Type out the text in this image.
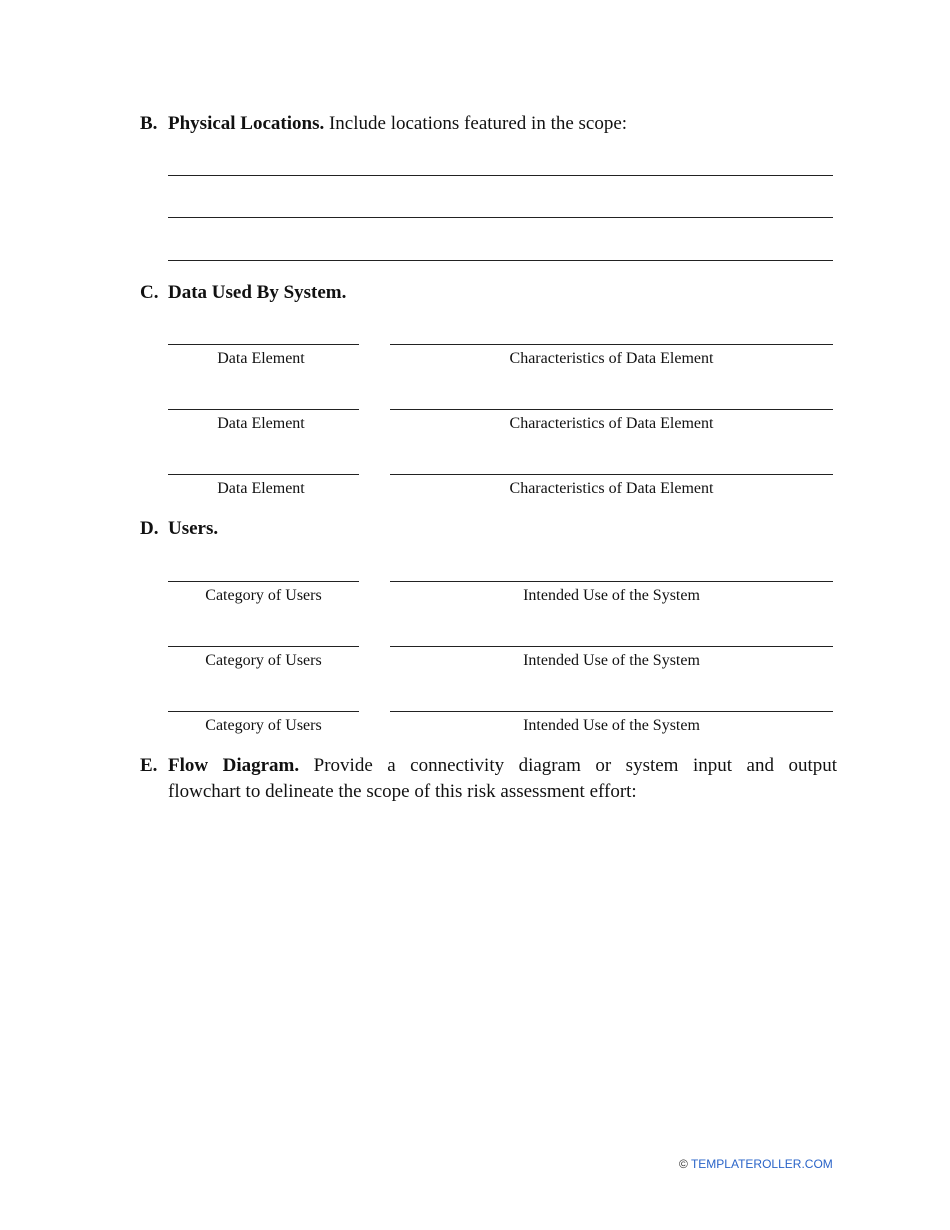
B. Physical Locations. Include locations featured in the scope:
C. Data Used By System.
Data Element	Characteristics of Data Element
Data Element	Characteristics of Data Element
Data Element	Characteristics of Data Element
D. Users.
Category of Users	Intended Use of the System
Category of Users	Intended Use of the System
Category of Users	Intended Use of the System
E. Flow Diagram. Provide a connectivity diagram or system input and output
flowchart to delineate the scope of this risk assessment effort:
© TEMPLATEROLLER.COM
